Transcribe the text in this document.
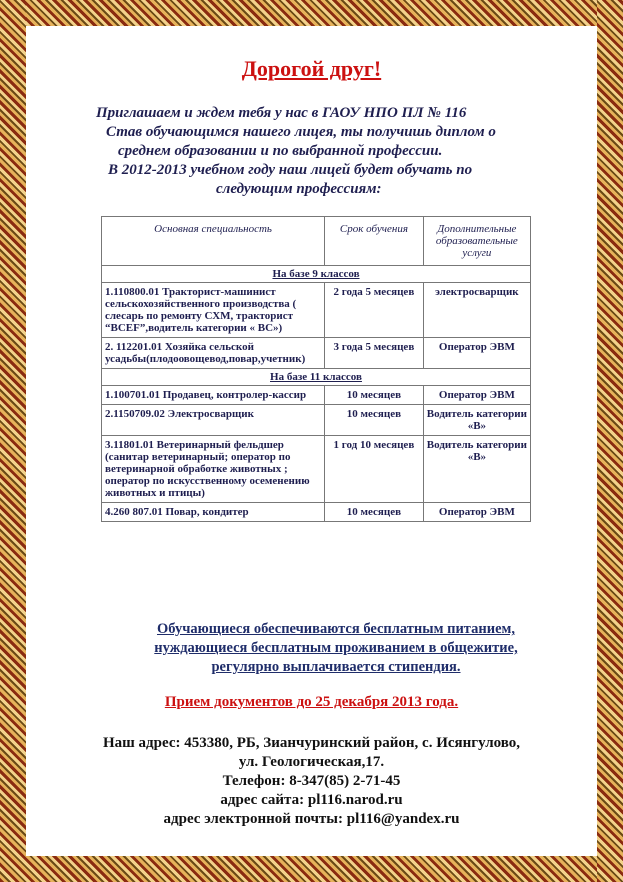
Дорогой друг!
Приглашаем и ждем тебя у нас в ГАОУ НПО ПЛ № 116
Став обучающимся нашего лицея, ты получишь диплом о
среднем образовании и по выбранной профессии.
В 2012-2013 учебном году наш лицей будет обучать по
следующим профессиям:
Основная специальность	Срок обучения	Дополнительные образовательные услуги
На базе 9 классов		
1.110800.01 Тракторист-машинист сельскохозяйственного производства ( слесарь по ремонту СХМ, тракторист “BCEF”,водитель категории « ВС»)	2 года 5 месяцев	электросварщик
2. 112201.01 Хозяйка сельской усадьбы(плодоовощевод,повар,учетник)	3 года 5 месяцев	Оператор ЭВМ
На базе 11 классов		
1.100701.01 Продавец, контролер-кассир	10 месяцев	Оператор ЭВМ
2.1150709.02 Электросварщик	10 месяцев	Водитель категории «В»
3.11801.01 Ветеринарный фельдшер (санитар ветеринарный; оператор по ветеринарной обработке животных ; оператор по искусственному осеменению животных и птицы)	1 год 10 месяцев	Водитель категории «В»
4.260 807.01 Повар, кондитер	10 месяцев	Оператор ЭВМ
Обучающиеся обеспечиваются бесплатным питанием,
нуждающиеся бесплатным проживанием в общежитие,
регулярно выплачивается стипендия.
Прием документов до 25 декабря 2013 года.
Наш адрес: 453380, РБ, Зианчуринский район, с. Исянгулово,
ул. Геологическая,17.
Телефон: 8-347(85) 2-71-45
адрес сайта: pl116.narod.ru
адрес электронной почты: pl116@yandex.ru
